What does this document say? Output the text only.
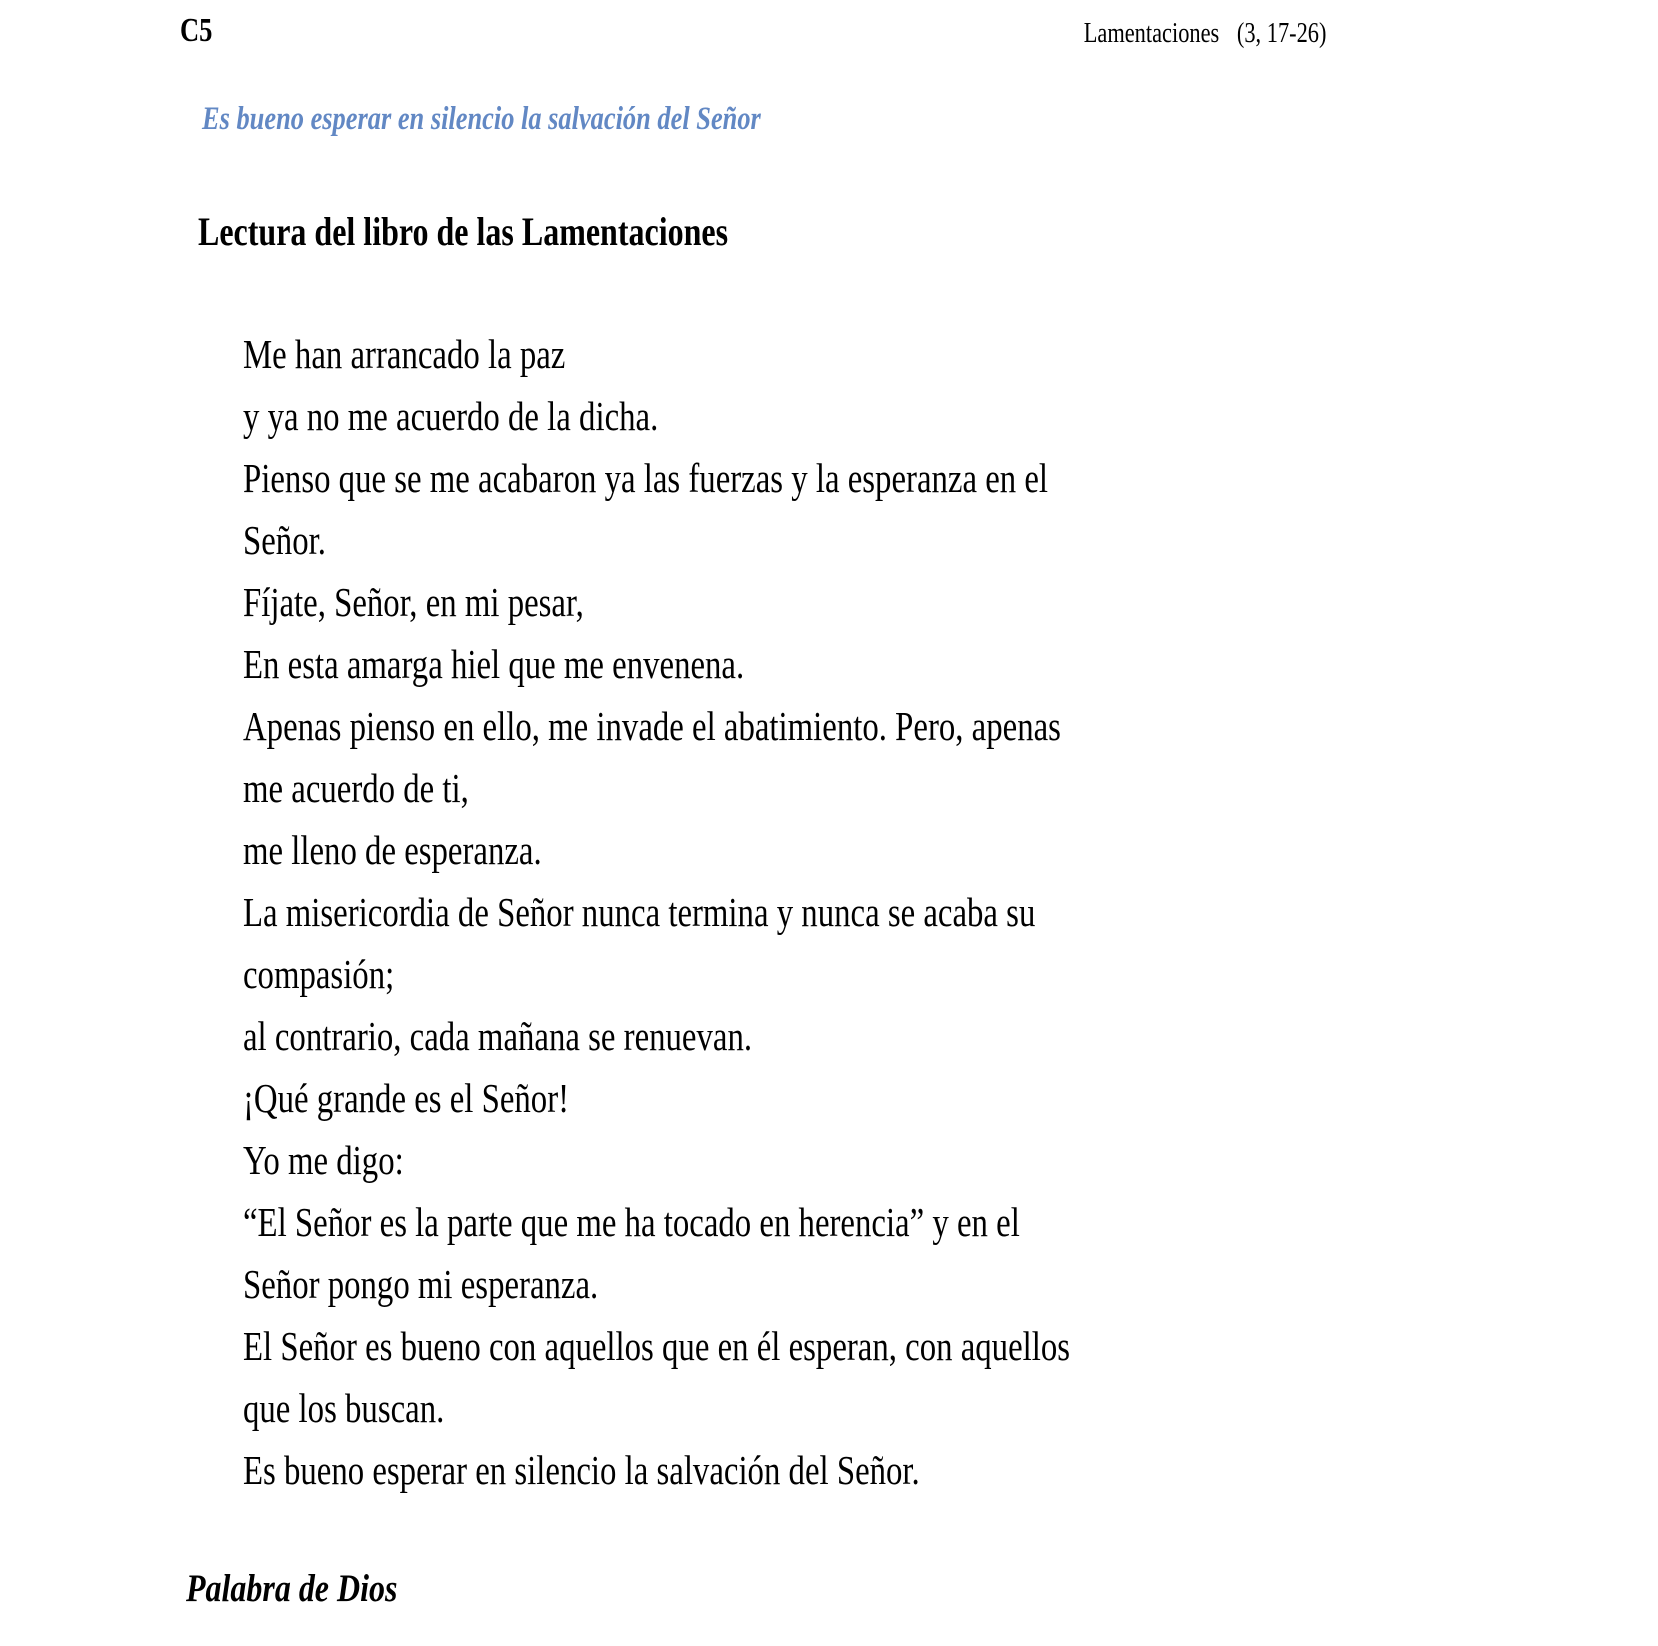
C5	Lamentaciones (3, 17-26)
Es bueno esperar en silencio la salvación del Señor
Lectura del libro de las Lamentaciones
Me han arrancado la paz
y ya no me acuerdo de la dicha.
Pienso que se me acabaron ya las fuerzas y la esperanza en el
Señor.
Fíjate, Señor, en mi pesar,
En esta amarga hiel que me envenena.
Apenas pienso en ello, me invade el abatimiento. Pero, apenas
me acuerdo de ti,
me lleno de esperanza.
La misericordia de Señor nunca termina y nunca se acaba su
compasión;
al contrario, cada mañana se renuevan.
¡Qué grande es el Señor!
Yo me digo:
“El Señor es la parte que me ha tocado en herencia” y en el
Señor pongo mi esperanza.
El Señor es bueno con aquellos que en él esperan, con aquellos
que los buscan.
Es buen​o esperar en silencio la salvación del Señor.
Palabra de Dios
